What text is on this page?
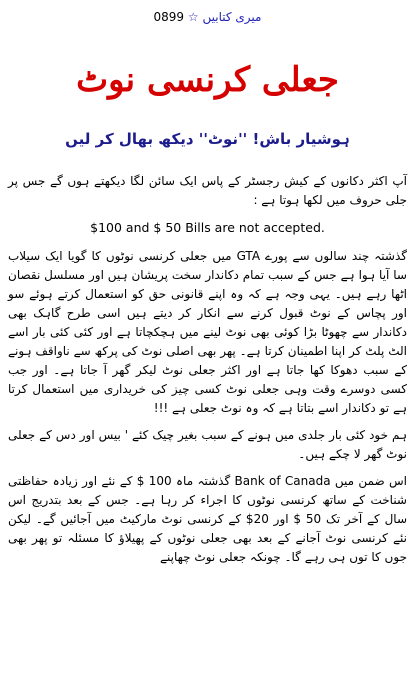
0899 ☆ میری کتابیں
جعلی کرنسی نوٹ
ہوشیار باش! ''نوٹ'' دیکھ بھال کر لیں

آپ اکثر دکانوں کے کیش رجسٹر کے پاس ایک سائن لگا دیکھتے ہوں گے جس پر جلی حروف میں لکھا ہوتا ہے :

$100 and $ 50 Bills are not accepted.

گذشتہ چند سالوں سے پورے GTA میں جعلی کرنسی نوٹوں کا گویا ایک سیلاب سا آیا ہوا ہے جس کے سبب تمام دکاندار سخت پریشان ہیں اور مسلسل نقصان اٹھا رہے ہیں۔ یہی وجہ ہے کہ وہ اپنے قانونی حق کو استعمال کرتے ہوئے سو اور پچاس کے نوٹ قبول کرنے سے انکار کر دیتے ہیں اسی طرح گاہک بھی دکاندار سے چھوٹا بڑا کوئی بھی نوٹ لینے میں ہچکچاتا ہے اور کئی کئی بار اسے الٹ پلٹ کر اپنا اطمینان کرتا ہے۔ پھر بھی اصلی نوٹ کی پرکھ سے ناواقف ہونے کے سبب دھوکا کھا جاتا ہے اور اکثر جعلی نوٹ لیکر گھر آ جاتا ہے۔ اور جب کسی دوسرے وقت وہی جعلی نوٹ کسی چیز کی خریداری میں استعمال کرتا ہے تو دکاندار اسے بتاتا ہے کہ وہ نوٹ جعلی ہے !!!

ہم خود کئی بار جلدی میں ہونے کے سبب بغیر چیک کئے ' بیس اور دس کے جعلی نوٹ گھر لا چکے ہیں۔

اس ضمن میں Bank of Canada گذشتہ ماہ 100 $ کے نئے اور زیادہ حفاظتی شناخت کے ساتھ کرنسی نوٹوں کا اجراء کر رہا ہے۔ جس کے بعد بتدریج اس سال کے آخر تک 50 $ اور 20$ کے کرنسی نوٹ مارکیٹ میں آجائیں گے۔ لیکن نئے کرنسی نوٹ آجانے کے بعد بھی جعلی نوٹوں کے پھیلاؤ کا مسئلہ تو پھر بھی جوں کا توں ہی رہے گا۔ چونکہ جعلی نوٹ چھاپنے
